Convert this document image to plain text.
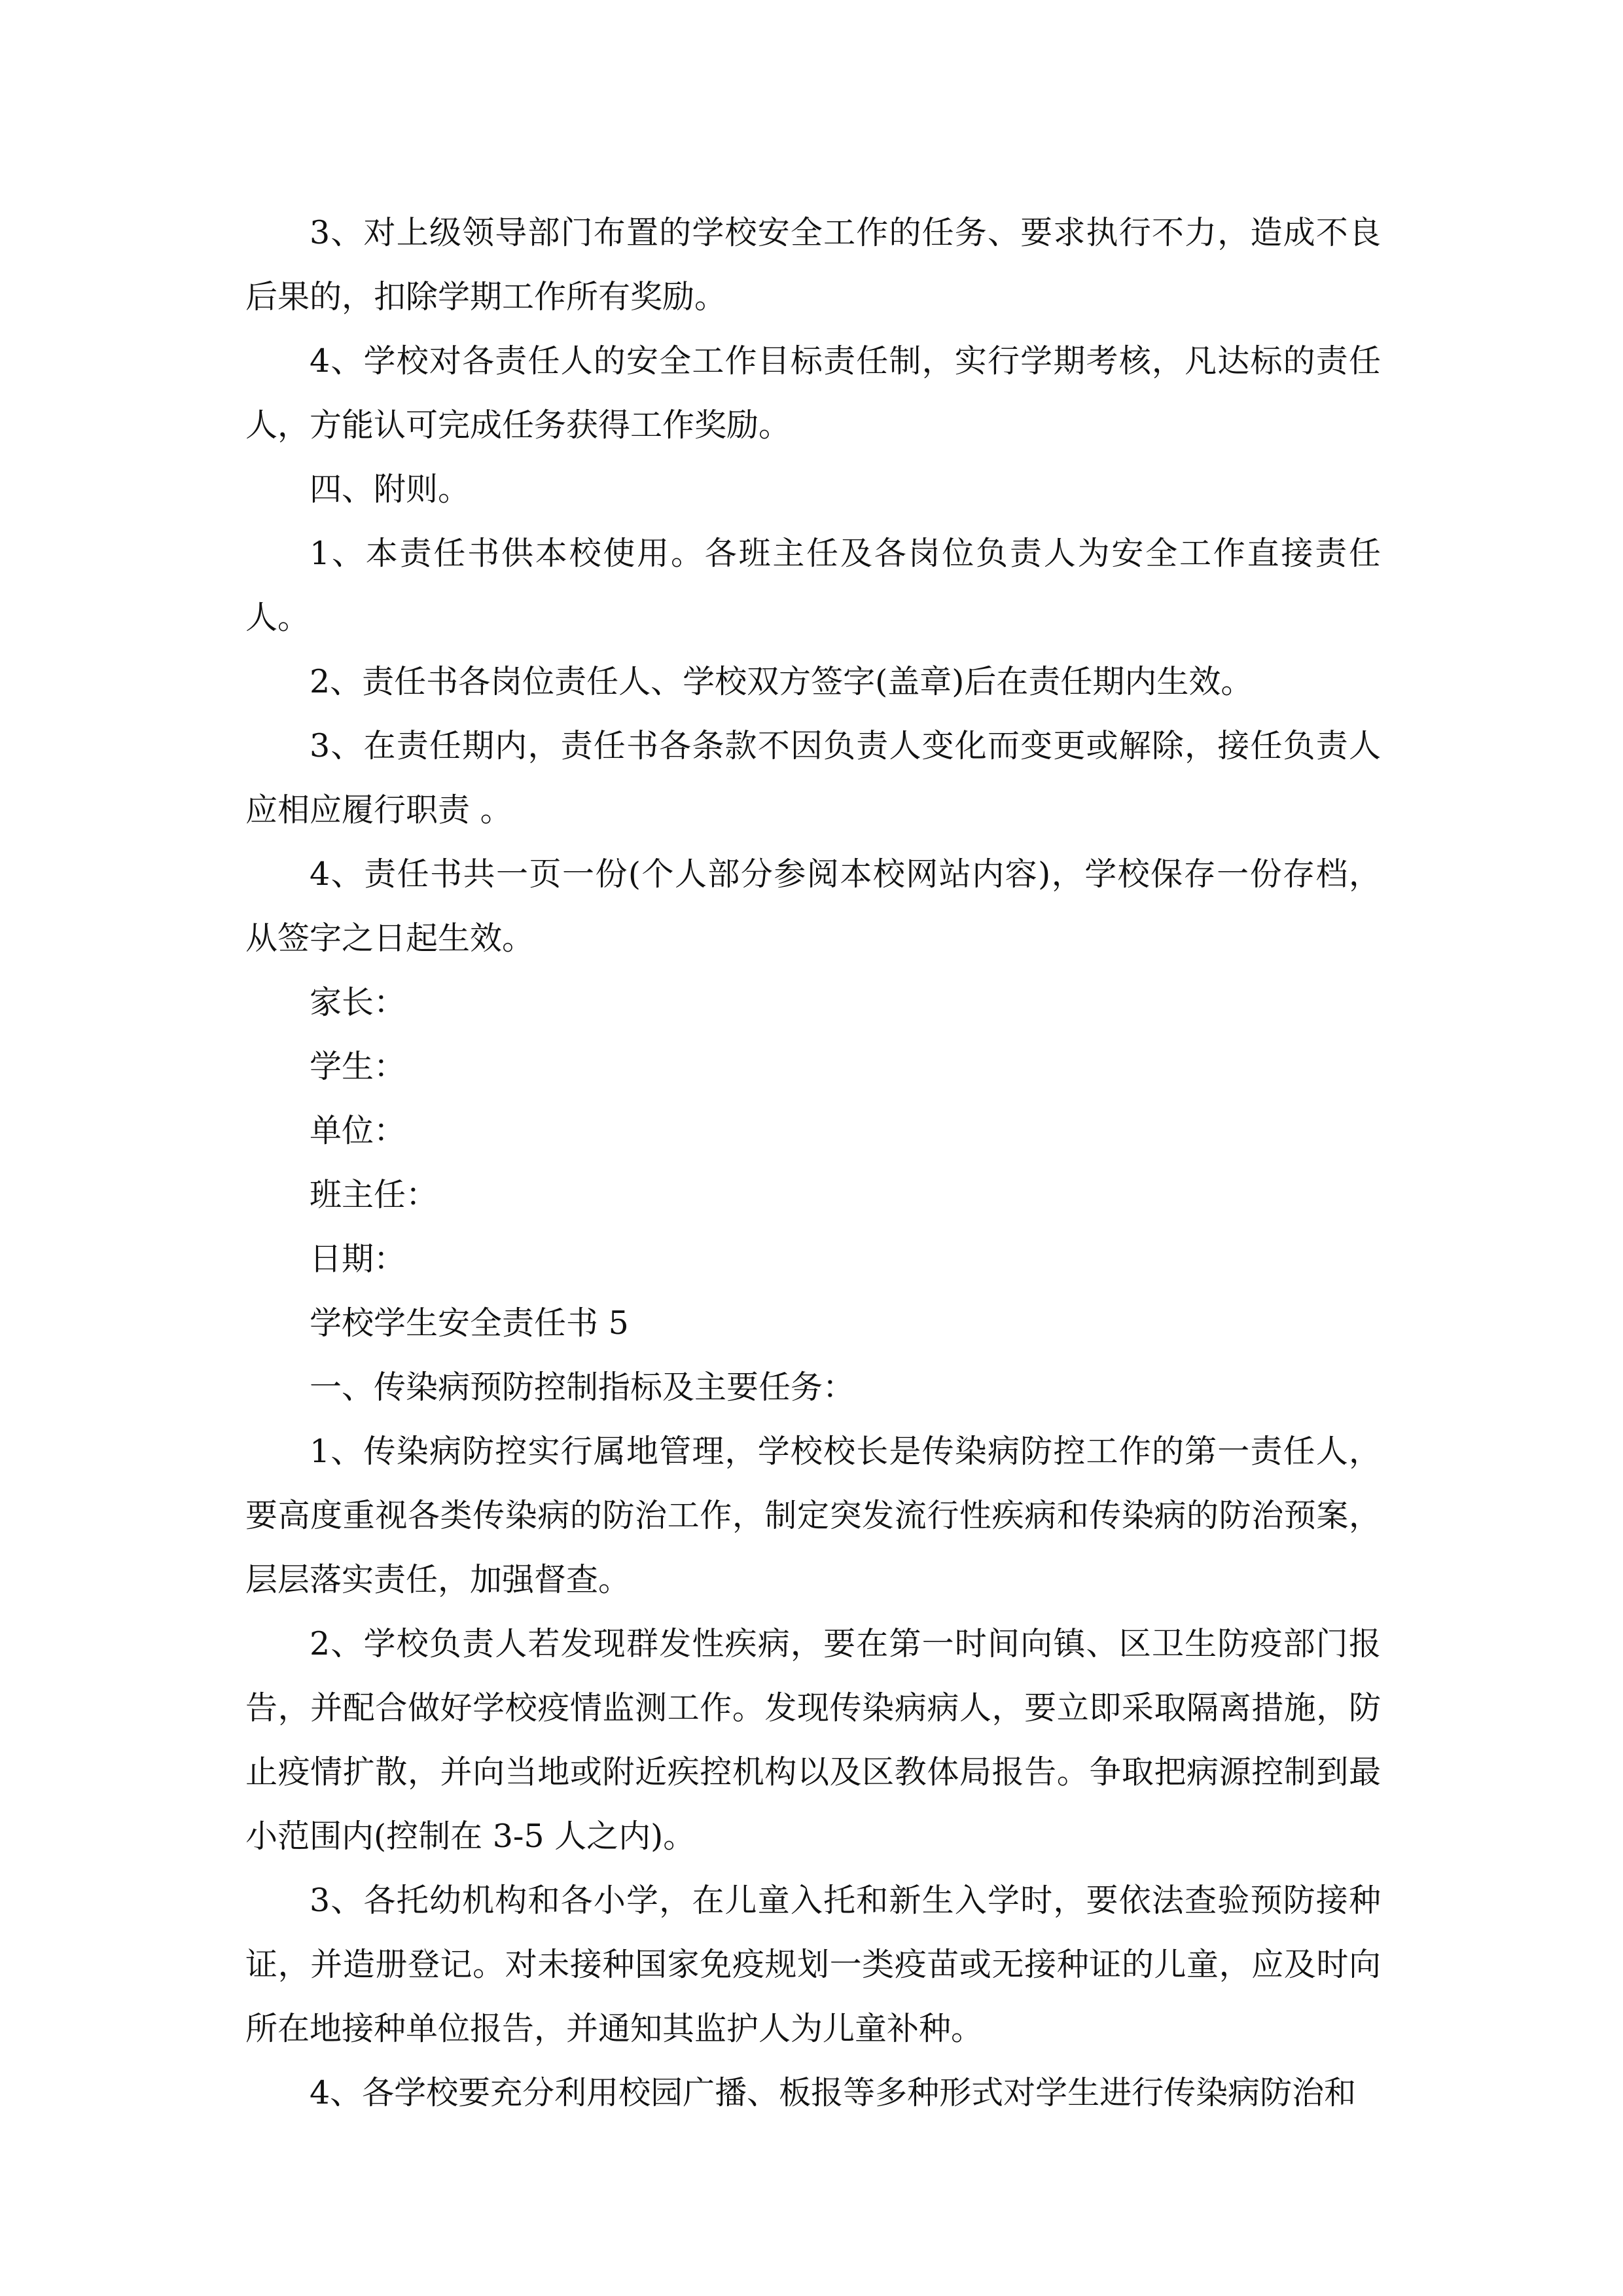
3、对上级领导部门布置的学校安全工作的任务、要求执行不力，造成不良后果的，扣除学期工作所有奖励。

4、学校对各责任人的安全工作目标责任制，实行学期考核，凡达标的责任人，方能认可完成任务获得工作奖励。

四、附则。

1、本责任书供本校使用。各班主任及各岗位负责人为安全工作直接责任人。

2、责任书各岗位责任人、学校双方签字(盖章)后在责任期内生效。

3、在责任期内，责任书各条款不因负责人变化而变更或解除，接任负责人应相应履行职责 。

4、责任书共一页一份(个人部分参阅本校网站内容)，学校保存一份存档，从签字之日起生效。

家长：

学生：

单位：

班主任：

日期：

学校学生安全责任书 5

一、传染病预防控制指标及主要任务：

1、传染病防控实行属地管理，学校校长是传染病防控工作的第一责任人，要高度重视各类传染病的防治工作，制定突发流行性疾病和传染病的防治预案，层层落实责任，加强督查。

2、学校负责人若发现群发性疾病，要在第一时间向镇、区卫生防疫部门报告，并配合做好学校疫情监测工作。发现传染病病人，要立即采取隔离措施，防止疫情扩散，并向当地或附近疾控机构以及区教体局报告。争取把病源控制到最小范围内(控制在 3-5 人之内)。

3、各托幼机构和各小学，在儿童入托和新生入学时，要依法查验预防接种证，并造册登记。对未接种国家免疫规划一类疫苗或无接种证的儿童，应及时向所在地接种单位报告，并通知其监护人为儿童补种。

4、各学校要充分利用校园广播、板报等多种形式对学生进行传染病防治和
